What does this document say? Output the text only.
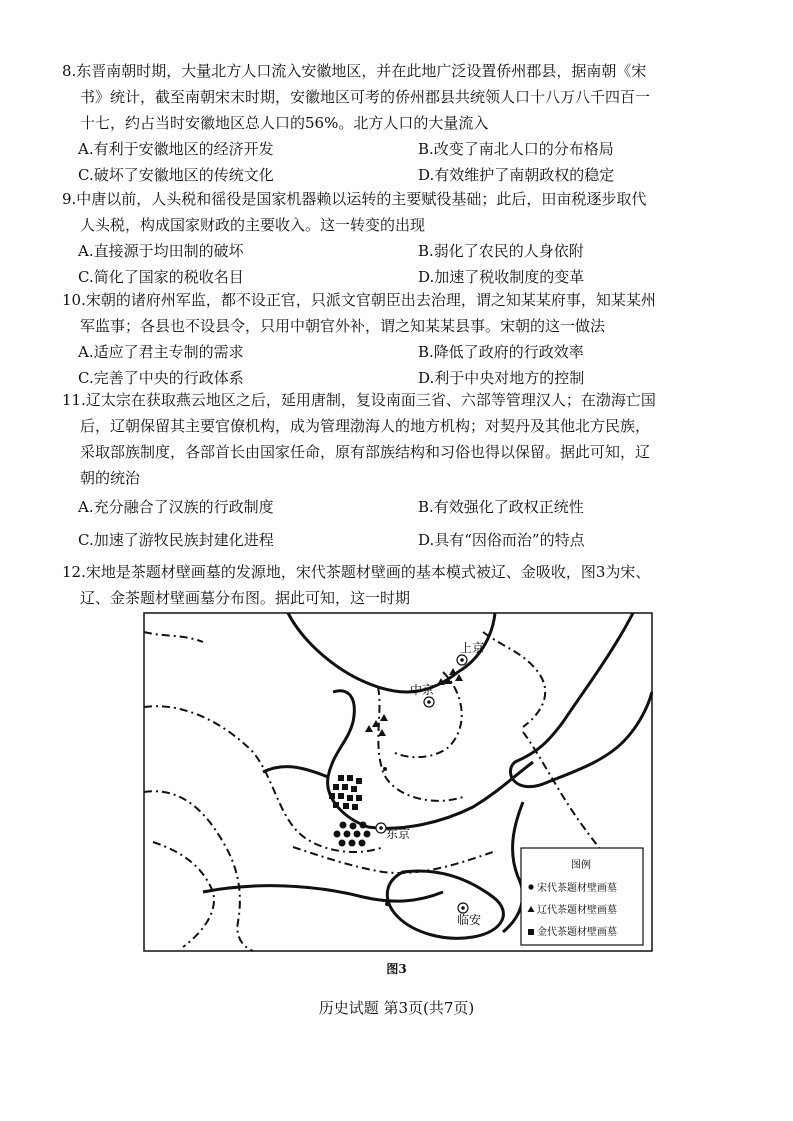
8.东晋南朝时期，大量北方人口流入安徽地区，并在此地广泛设置侨州郡县，据南朝《宋
书》统计，截至南朝宋末时期，安徽地区可考的侨州郡县共统领人口十八万八千四百一
十七，约占当时安徽地区总人口的56%。北方人口的大量流入
A.有利于安徽地区的经济开发	B.改变了南北人口的分布格局
C.破坏了安徽地区的传统文化	D.有效维护了南朝政权的稳定
9.中唐以前，人头税和徭役是国家机器赖以运转的主要赋役基础；此后，田亩税逐步取代
人头税，构成国家财政的主要收入。这一转变的出现
A.直接源于均田制的破坏	B.弱化了农民的人身依附
C.简化了国家的税收名目	D.加速了税收制度的变革
10.宋朝的诸府州军监，都不设正官，只派文官朝臣出去治理，谓之知某某府事，知某某州
军监事；各县也不设县令，只用中朝官外补，谓之知某某县事。宋朝的这一做法
A.适应了君主专制的需求	B.降低了政府的行政效率
C.完善了中央的行政体系	D.利于中央对地方的控制
11.辽太宗在获取燕云地区之后，延用唐制，复设南面三省、六部等管理汉人；在渤海亡国
后，辽朝保留其主要官僚机构，成为管理渤海人的地方机构；对契丹及其他北方民族，
采取部族制度，各部首长由国家任命，原有部族结构和习俗也得以保留。据此可知，辽
朝的统治
A.充分融合了汉族的行政制度	B.有效强化了政权正统性
C.加速了游牧民族封建化进程	D.具有“因俗而治”的特点
12.宋地是茶题材壁画墓的发源地，宋代茶题材壁画的基本模式被辽、金吸收，图3为宋、
辽、金茶题材壁画墓分布图。据此可知，这一时期
上京
中京
东京
临安
图例
宋代茶题材壁画墓
辽代茶题材壁画墓
金代茶题材壁画墓
图3
历史试题 第3页(共7页)
